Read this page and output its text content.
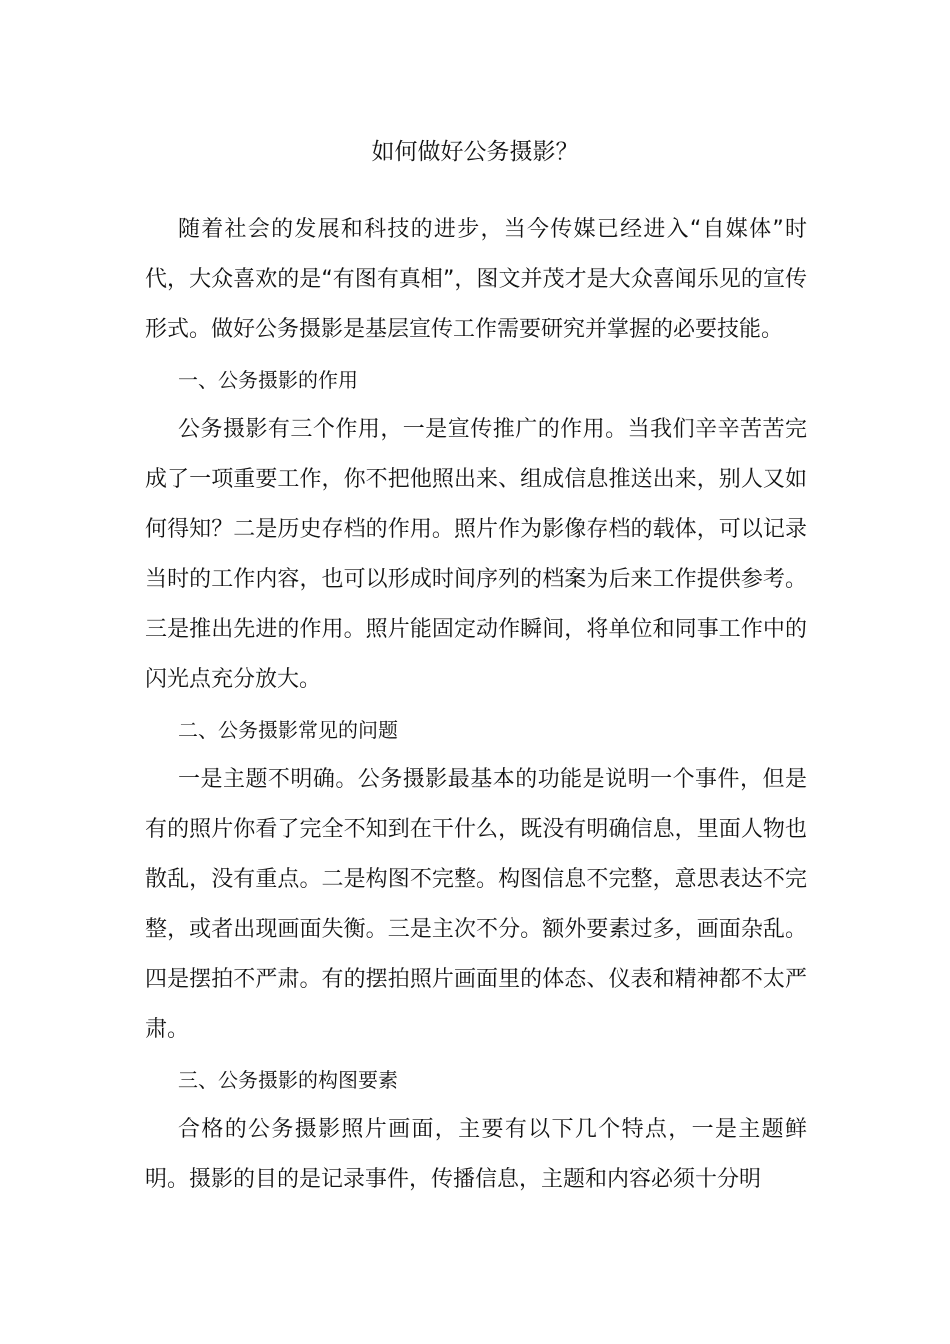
如何做好公务摄影？

随着社会的发展和科技的进步，当今传媒已经进入“自媒体”时代，大众喜欢的是“有图有真相”，图文并茂才是大众喜闻乐见的宣传形式。做好公务摄影是基层宣传工作需要研究并掌握的必要技能。

一、公务摄影的作用

公务摄影有三个作用，一是宣传推广的作用。当我们辛辛苦苦完成了一项重要工作，你不把他照出来、组成信息推送出来，别人又如何得知？二是历史存档的作用。照片作为影像存档的载体，可以记录当时的工作内容，也可以形成时间序列的档案为后来工作提供参考。三是推出先进的作用。照片能固定动作瞬间，将单位和同事工作中的闪光点充分放大。

二、公务摄影常见的问题

一是主题不明确。公务摄影最基本的功能是说明一个事件，但是有的照片你看了完全不知到在干什么，既没有明确信息，里面人物也散乱，没有重点。二是构图不完整。构图信息不完整，意思表达不完整，或者出现画面失衡。三是主次不分。额外要素过多，画面杂乱。四是摆拍不严肃。有的摆拍照片画面里的体态、仪表和精神都不太严肃。

三、公务摄影的构图要素

合格的公务摄影照片画面，主要有以下几个特点，一是主题鲜明。摄影的目的是记录事件，传播信息，主题和内容必须十分明
